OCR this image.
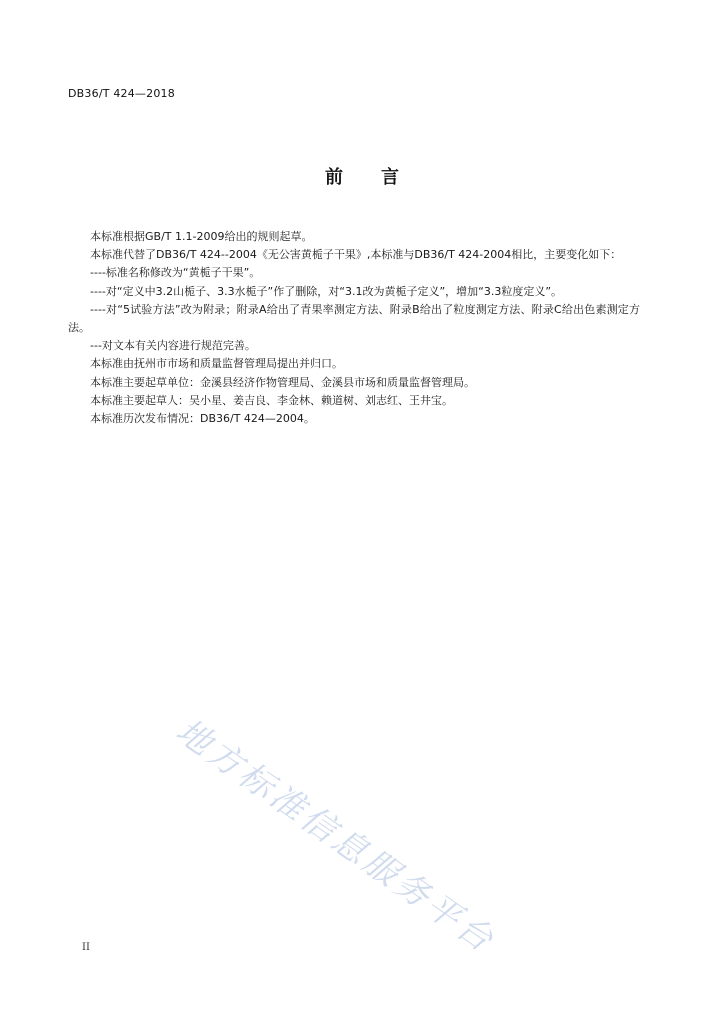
DB36/T 424—2018
前 言

本标准根据GB/T 1.1-2009给出的规则起草。

本标准代替了DB36/T 424--2004《无公害黄栀子干果》,本标准与DB36/T 424-2004相比，主要变化如下：

----标准名称修改为“黄栀子干果”。

----对“定义中3.2山栀子、3.3水栀子”作了删除，对“3.1改为黄栀子定义”，增加“3.3粒度定义”。

----对“5试验方法”改为附录；附录A给出了青果率测定方法、附录B给出了粒度测定方法、附录C给出色素测定方法。

---对文本有关内容进行规范完善。

本标准由抚州市市场和质量监督管理局提出并归口。

本标准主要起草单位：金溪县经济作物管理局、金溪县市场和质量监督管理局。

本标准主要起草人：吴小星、姜吉良、李金林、赖道树、刘志红、王井宝。

本标准历次发布情况：DB36/T 424—2004。

地方标准信息服务平台
II
